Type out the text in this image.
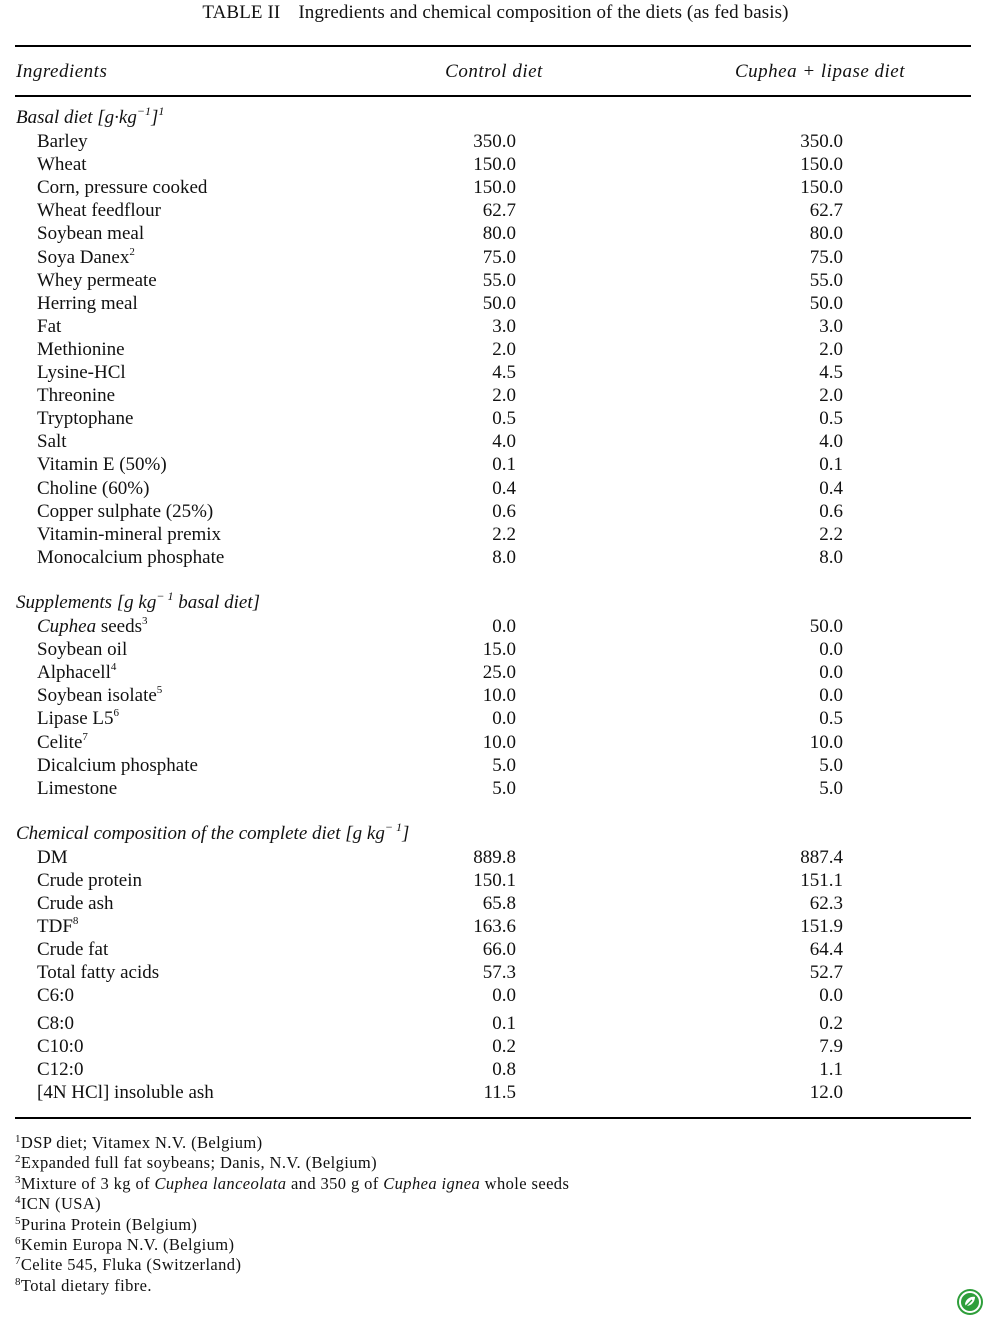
TABLE II Ingredients and chemical composition of the diets (as fed basis)
Ingredients	Control diet	Cuphea + lipase diet
Basal diet $[g\cdot kg^{-1}]^1$
Barley	350.0	350.0
Wheat	150.0	150.0
Corn, pressure cooked	150.0	150.0
Wheat feedflour	62.7	62.7
Soybean meal	80.0	80.0
Soya Danex$^2$	75.0	75.0
Whey permeate	55.0	55.0
Herring meal	50.0	50.0
Fat	3.0	3.0
Methionine	2.0	2.0
Lysine-HCl	4.5	4.5
Threonine	2.0	2.0
Tryptophane	0.5	0.5
Salt	4.0	4.0
Vitamin E (50%)	0.1	0.1
Choline (60%)	0.4	0.4
Copper sulphate (25%)	0.6	0.6
Vitamin-mineral premix	2.2	2.2
Monocalcium phosphate	8.0	8.0
Supplements [g $kg^{- 1}$ basal diet]
Cuphea seeds$^3$	0.0	50.0
Soybean oil	15.0	0.0
Alphacell$^4$	25.0	0.0
Soybean isolate$^5$	10.0	0.0
Lipase $L5^6$	0.0	0.5
Celite$^7$	10.0	10.0
Dicalcium phosphate	5.0	5.0
Limestone	5.0	5.0
Chemical composition of the complete diet [g $kg^{- 1}$]
DM	889.8	887.4
Crude protein	150.1	151.1
Crude ash	65.8	62.3
TDF$^8$	163.6	151.9
Crude fat	66.0	64.4
Total fatty acids	57.3	52.7
C6:0	0.0	0.0
C8:0	0.1	0.2
C10:0	0.2	7.9
C12:0	0.8	1.1
[4N HCl] insoluble ash	11.5	12.0
$^1$DSP diet; Vitamex N.V. (Belgium)
$^2$Expanded full fat soybeans; Danis, N.V. (Belgium)
$^3$Mixture of 3 kg of Cuphea lanceolata and 350 g of Cuphea ignea whole seeds
$^4$ICN (USA)
$^5$Purina Protein (Belgium)
$^6$Kemin Europa N.V. (Belgium)
$^7$Celite 545, Fluka (Switzerland)
$^8$Total dietary fibre.
